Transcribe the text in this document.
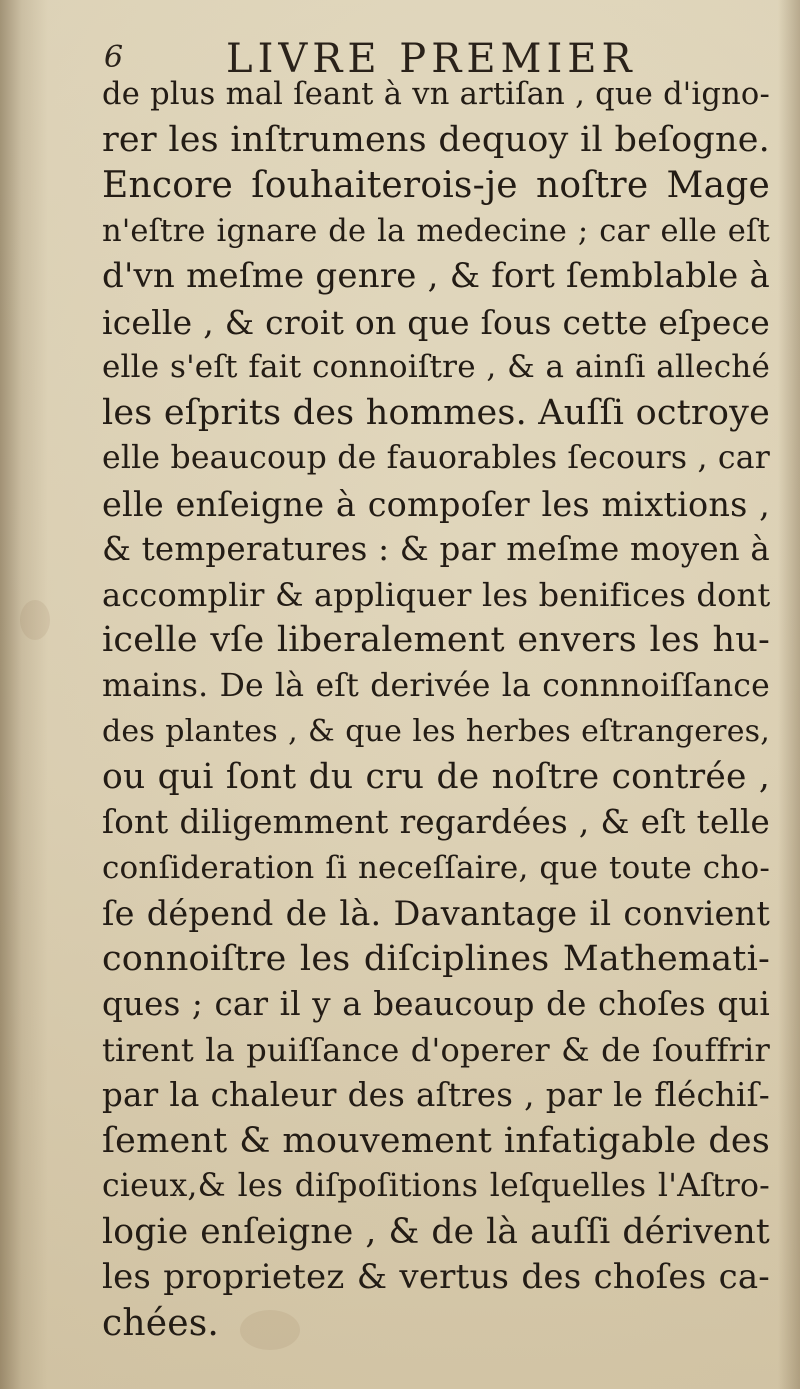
6	LIVRE PREMIER
de plus mal ſeant à vn artiſan , que d'igno-
rer les inſtrumens dequoy il beſogne.
Encore ſouhaiterois-je noſtre Mage
n'eſtre ignare de la medecine ; car elle eſt
d'vn meſme genre , & fort ſemblable à
icelle , & croit on que ſous cette eſpece
elle s'eſt fait connoiſtre , & a ainſi alleché
les eſprits des hommes. Auſſi octroye
elle beaucoup de fauorables ſecours , car
elle enſeigne à compoſer les mixtions ,
& temperatures : & par meſme moyen à
accomplir & appliquer les benifices dont
icelle vſe liberalement envers les hu-
mains. De là eſt derivée la connnoiſſance
des plantes , & que les herbes eſtrangeres,
ou qui ſont du cru de noſtre contrée ,
ſont diligemment regardées , & eſt telle
conſideration ſi neceſſaire, que toute cho-
ſe dépend de là. Davantage il convient
connoiſtre les diſciplines Mathemati-
ques ; car il y a beaucoup de choſes qui
tirent la puiſſance d'operer & de ſouffrir
par la chaleur des aſtres , par le fléchiſ-
ſement & mouvement infatigable des
cieux,& les diſpoſitions leſquelles l'Aſtro-
logie enſeigne , & de là auſſi dérivent
les proprietez & vertus des choſes ca-
chées.
